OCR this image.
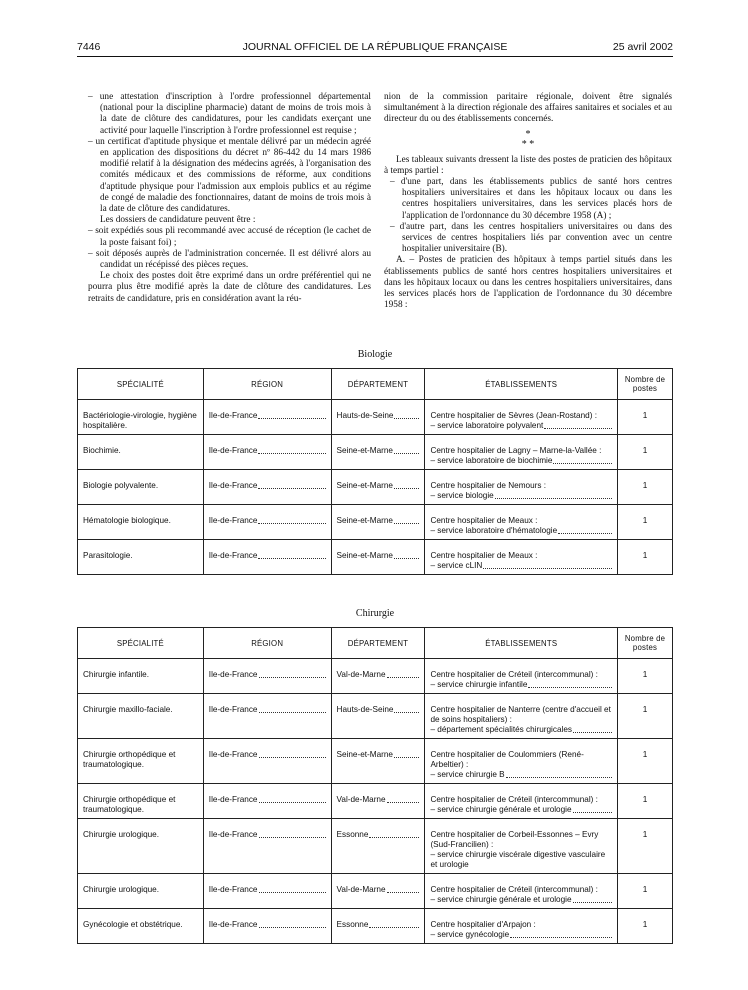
7446	JOURNAL OFFICIEL DE LA RÉPUBLIQUE FRANÇAISE	25 avril 2002

– une attestation d'inscription à l'ordre professionnel départemental (national pour la discipline pharmacie) datant de moins de trois mois à la date de clôture des candidatures, pour les candidats exerçant une activité pour laquelle l'inscription à l'ordre professionnel est requise ;

– un certificat d'aptitude physique et mentale délivré par un médecin agréé en application des dispositions du décret nº 86-442 du 14 mars 1986 modifié relatif à la désignation des médecins agréés, à l'organisation des comités médicaux et des commissions de réforme, aux conditions d'aptitude physique pour l'admission aux emplois publics et au régime de congé de maladie des fonctionnaires, datant de moins de trois mois à la date de clôture des candidatures.

Les dossiers de candidature peuvent être :

– soit expédiés sous pli recommandé avec accusé de réception (le cachet de la poste faisant foi) ;

– soit déposés auprès de l'administration concernée. Il est délivré alors au candidat un récépissé des pièces reçues.

Le choix des postes doit être exprimé dans un ordre préférentiel qui ne pourra plus être modifié après la date de clôture des candidatures. Les retraits de candidature, pris en considération avant la réu-

nion de la commission paritaire régionale, doivent être signalés simultanément à la direction régionale des affaires sanitaires et sociales et au directeur du ou des établissements concernés.

*
* *

Les tableaux suivants dressent la liste des postes de praticien des hôpitaux à temps partiel :

– d'une part, dans les établissements publics de santé hors centres hospitaliers universitaires et dans les hôpitaux locaux ou dans les centres hospitaliers universitaires, dans les services placés hors de l'application de l'ordonnance du 30 décembre 1958 (A) ;

– d'autre part, dans les centres hospitaliers universitaires ou dans des services de centres hospitaliers liés par convention avec un centre hospitalier universitaire (B).

A. – Postes de praticien des hôpitaux à temps partiel situés dans les établissements publics de santé hors centres hospitaliers universitaires et dans les hôpitaux locaux ou dans les centres hospitaliers universitaires, dans les services placés hors de l'application de l'ordonnance du 30 décembre 1958 :

Biologie
SPÉCIALITÉ	RÉGION	DÉPARTEMENT	ÉTABLISSEMENTS	Nombre de postes
Bactériologie-virologie, hygiène hospitalière.	Ile-de-France	Hauts-de-Seine	Centre hospitalier de Sèvres (Jean-Rostand) :
– service laboratoire polyvalent	1
Biochimie.	Ile-de-France	Seine-et-Marne	Centre hospitalier de Lagny – Marne-la-Vallée :
– service laboratoire de biochimie	1
Biologie polyvalente.	Ile-de-France	Seine-et-Marne	Centre hospitalier de Nemours :
– service biologie	1
Hématologie biologique.	Ile-de-France	Seine-et-Marne	Centre hospitalier de Meaux :
– service laboratoire d'hématologie	1
Parasitologie.	Ile-de-France	Seine-et-Marne	Centre hospitalier de Meaux :
– service cLIN	1
Chirurgie
SPÉCIALITÉ	RÉGION	DÉPARTEMENT	ÉTABLISSEMENTS	Nombre de postes
Chirurgie infantile.	Ile-de-France	Val-de-Marne	Centre hospitalier de Créteil (intercommunal) :
– service chirurgie infantile	1
Chirurgie maxillo-faciale.	Ile-de-France	Hauts-de-Seine	Centre hospitalier de Nanterre (centre d'accueil et de soins hospitaliers) :
– département spécialités chirurgicales	1
Chirurgie orthopédique et traumatologique.	Ile-de-France	Seine-et-Marne	Centre hospitalier de Coulommiers (René-Arbeltier) :
– service chirurgie B	1
Chirurgie orthopédique et traumatologique.	Ile-de-France	Val-de-Marne	Centre hospitalier de Créteil (intercommunal) :
– service chirurgie générale et urologie	1
Chirurgie urologique.	Ile-de-France	Essonne	Centre hospitalier de Corbeil-Essonnes – Evry (Sud-Francilien) :
– service chirurgie viscérale digestive vasculaire et urologie	1
Chirurgie urologique.	Ile-de-France	Val-de-Marne	Centre hospitalier de Créteil (intercommunal) :
– service chirurgie générale et urologie	1
Gynécologie et obstétrique.	Ile-de-France	Essonne	Centre hospitalier d'Arpajon :
– service gynécologie	1
